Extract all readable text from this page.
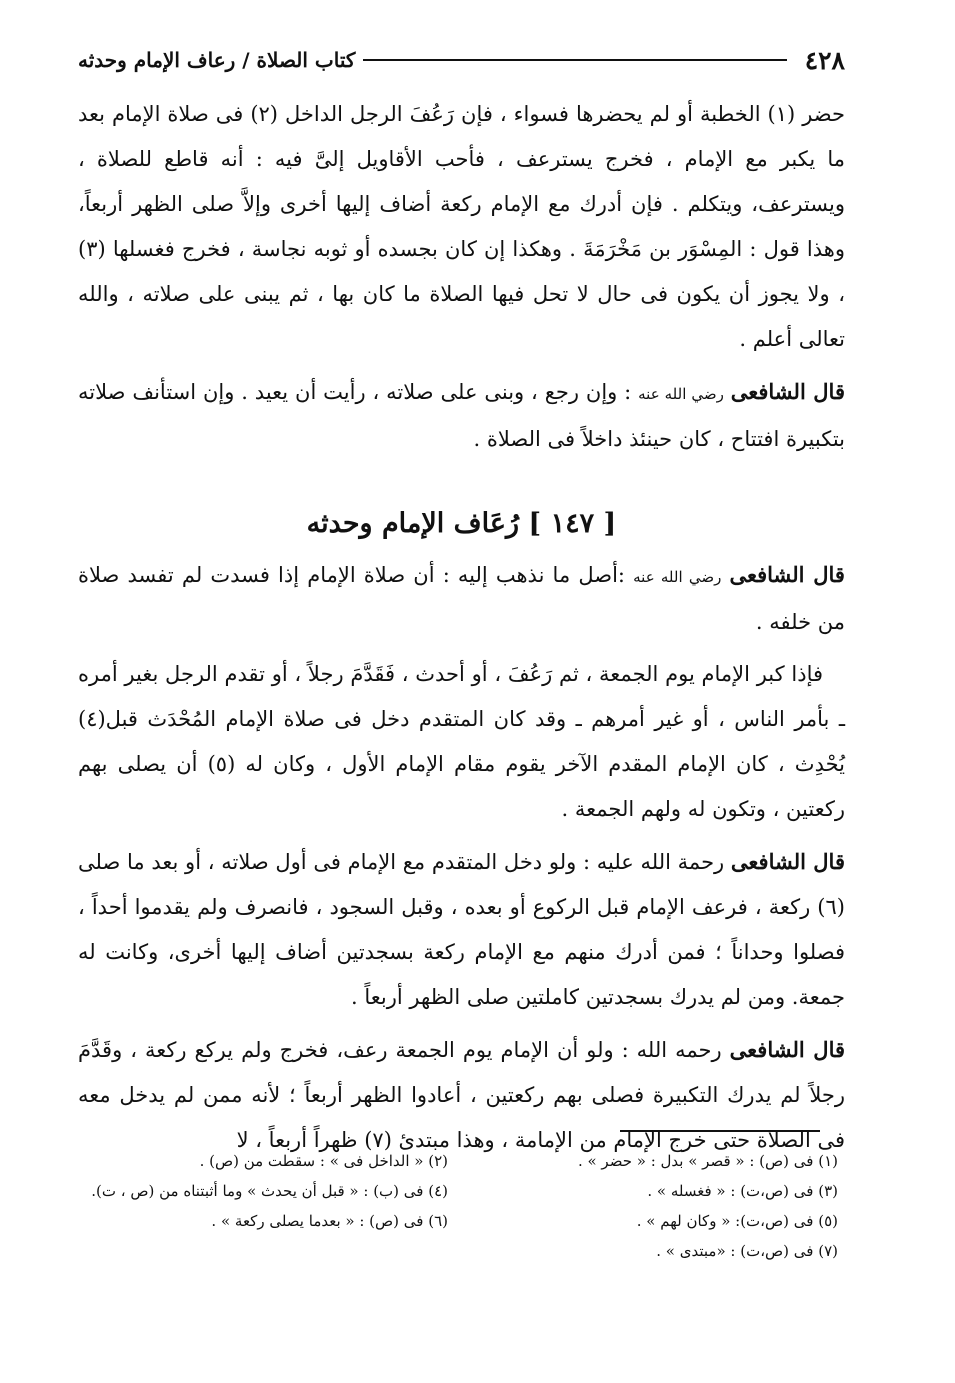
٤٢٨
كتاب الصلاة / رعاف الإمام وحدثه

حضر (١) الخطبة أو لم يحضرها فسواء ، فإن رَعُفَ الرجل الداخل (٢) فى صلاة الإمام بعد ما يكبر مع الإمام ، فخرج يسترعف ، فأحب الأقاويل إلىَّ فيه : أنه قاطع للصلاة ، ويسترعف، ويتكلم . فإن أدرك مع الإمام ركعة أضاف إليها أخرى وإلاَّ صلى الظهر أربعاً، وهذا قول : المِسْوَر بن مَخْرَمَةَ . وهكذا إن كان بجسده أو ثوبه نجاسة ، فخرج فغسلها (٣) ، ولا يجوز أن يكون فى حال لا تحل فيها الصلاة ما كان بها ، ثم يبنى على صلاته ، والله تعالى أعلم .

قال الشافعى رضي الله عنه : وإن رجع ، وبنى على صلاته ، رأيت أن يعيد . وإن استأنف صلاته بتكبيرة افتتاح ، كان حينئذ داخلاً فى الصلاة .

[ ١٤٧ ] رُعَاف الإمام وحدثه

قال الشافعى رضي الله عنه :أصل ما نذهب إليه : أن صلاة الإمام إذا فسدت لم تفسد صلاة من خلفه .

فإذا كبر الإمام يوم الجمعة ، ثم رَعُفَ ، أو أحدث ، فَقَدَّمَ رجلاً ، أو تقدم الرجل بغير أمره ـ بأمر الناس ، أو غير أمرهم ـ وقد كان المتقدم دخل فى صلاة الإمام المُحْدَث قبل(٤) يُحْدِث ، كان الإمام المقدم الآخر يقوم مقام الإمام الأول ، وكان له (٥) أن يصلى بهم ركعتين ، وتكون له ولهم الجمعة .

قال الشافعى رحمة الله عليه : ولو دخل المتقدم مع الإمام فى أول صلاته ، أو بعد ما صلى (٦) ركعة ، فرعف الإمام قبل الركوع أو بعده ، وقبل السجود ، فانصرف ولم يقدموا أحداً ، فصلوا وحداناً ؛ فمن أدرك منهم مع الإمام ركعة بسجدتين أضاف إليها أخرى، وكانت له جمعة. ومن لم يدرك بسجدتين كاملتين صلى الظهر أربعاً .

قال الشافعى رحمه الله : ولو أن الإمام يوم الجمعة رعف، فخرج ولم يركع ركعة ، وقَدَّمَ رجلاً لم يدرك التكبيرة فصلى بهم ركعتين ، أعادوا الظهر أربعاً ؛ لأنه ممن لم يدخل معه فى الصلاة حتى خرج الإمام من الإمامة ، وهذا مبتدئ (٧) ظهراً أربعاً ، لا

(١) فى (ص) : « قصر » بدل : « حضر » .
(٢) « الداخل فى » : سقطت من (ص) .
(٣) فى (ص،ت) : « فغسله » .
(٤) فى (ب) : « قبل أن يحدث » وما أثبتناه من (ص ، ت).
(٥) فى (ص،ت): « وكان لهم » .
(٦) فى (ص) : « بعدما يصلى ركعة » .
(٧) فى (ص،ت) : «مبتدى » .
